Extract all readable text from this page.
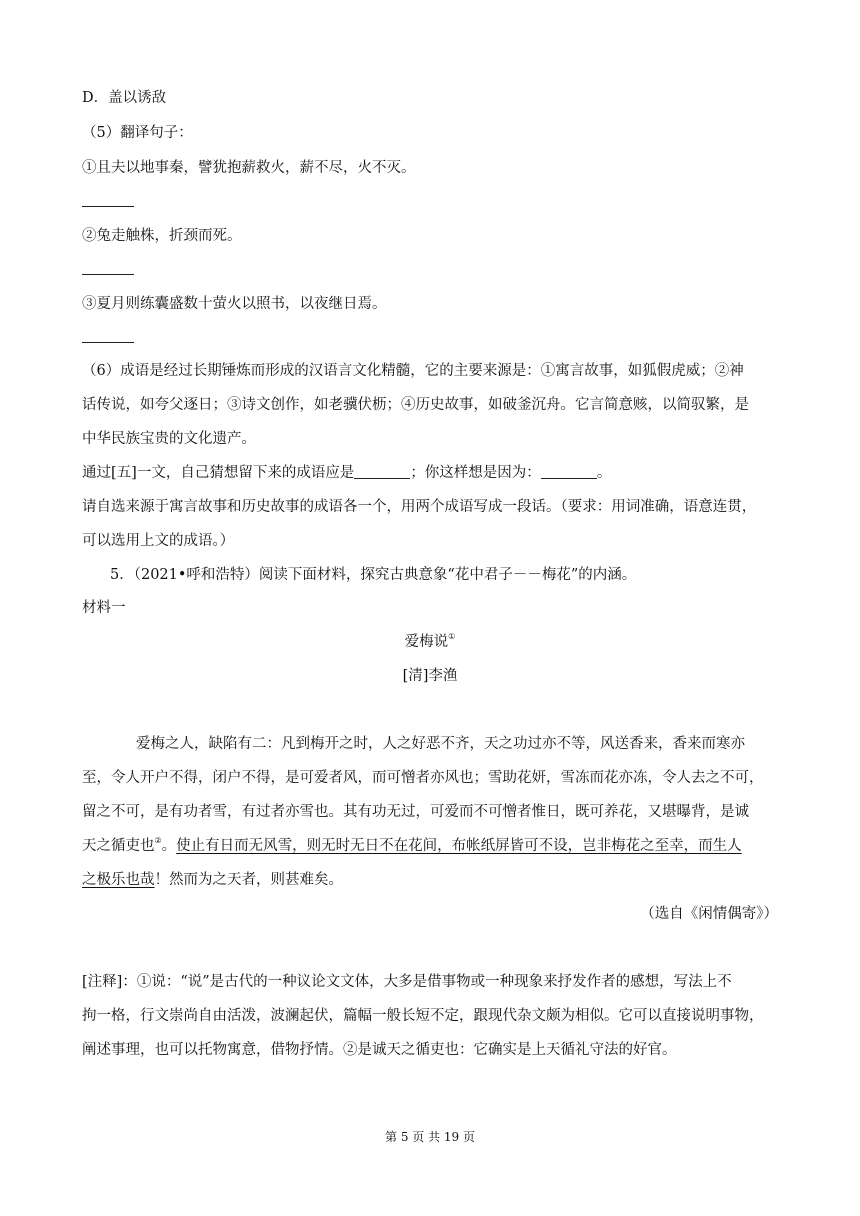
D．盖以诱敌
（5）翻译句子：
①且夫以地事秦，譬犹抱薪救火，薪不尽，火不灭。
②兔走触株，折颈而死。
③夏月则练囊盛数十萤火以照书，以夜继日焉。
（6）成语是经过长期锤炼而形成的汉语言文化精髓，它的主要来源是：①寓言故事，如狐假虎威；②神
话传说，如夸父逐日；③诗文创作，如老骥伏枥；④历史故事，如破釜沉舟。它言简意赅，以简驭繁，是
中华民族宝贵的文化遗产。
通过[五]一文，自己猜想留下来的成语应是	；你这样想是因为：	。
请自选来源于寓言故事和历史故事的成语各一个，用两个成语写成一段话。（要求：用词准确，语意连贯，
可以选用上文的成语。）
5．（2021•呼和浩特）阅读下面材料，探究古典意象“花中君子－－梅花”的内涵。
材料一
爱梅说①
[清]李渔
爱梅之人，缺陷有二：凡到梅开之时，人之好恶不齐，天之功过亦不等，风送香来，香来而寒亦
至，令人开户不得，闭户不得，是可爱者风，而可憎者亦风也；雪助花妍，雪冻而花亦冻，令人去之不可，
留之不可，是有功者雪，有过者亦雪也。其有功无过，可爱而不可憎者惟日，既可养花，又堪曝背，是诚
天之循吏也②。使止有日而无风雪，则无时无日不在花间，布帐纸屏皆可不设，岂非梅花之至幸，而生人
之极乐也哉！然而为之天者，则甚难矣。
（选自《闲情偶寄》）
[注释]：①说：“说”是古代的一种议论文文体，大多是借事物或一种现象来抒发作者的感想，写法上不
拘一格，行文崇尚自由活泼，波澜起伏，篇幅一般长短不定，跟现代杂文颇为相似。它可以直接说明事物，
阐述事理，也可以托物寓意，借物抒情。②是诚天之循吏也：它确实是上天循礼守法的好官。
第 5 页 共 19 页
